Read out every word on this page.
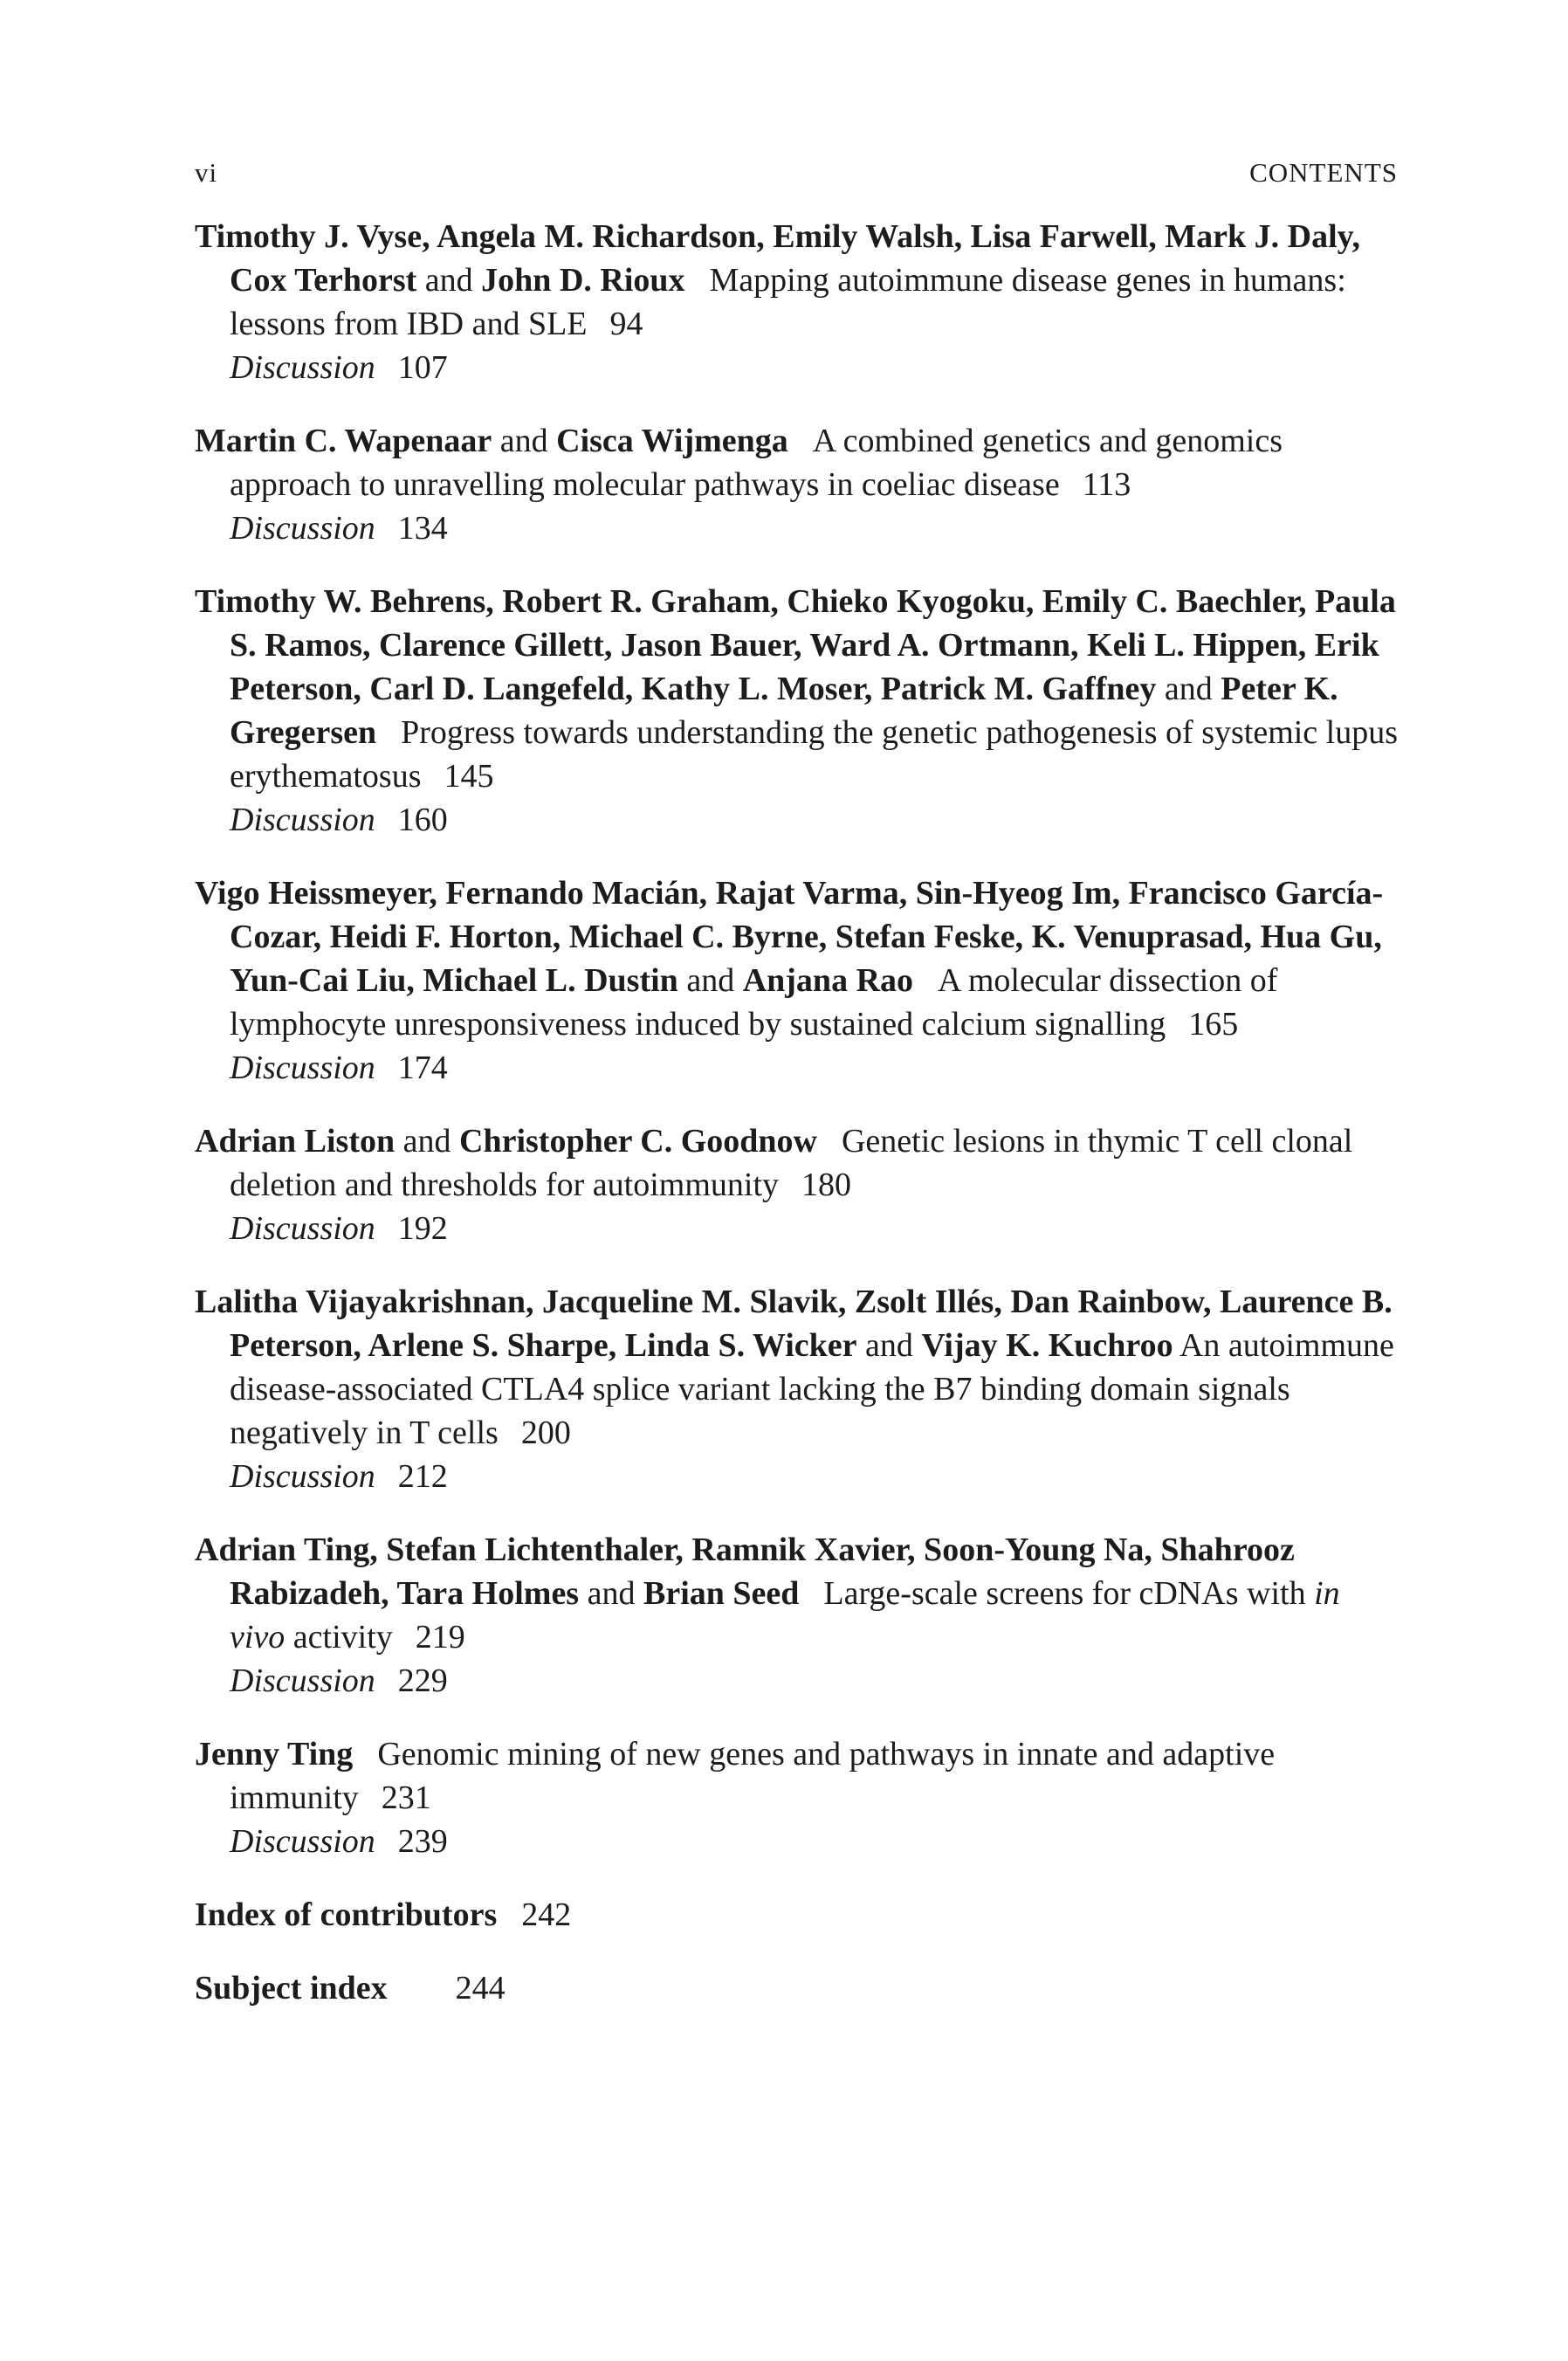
vi	CONTENTS
Timothy J. Vyse, Angela M. Richardson, Emily Walsh, Lisa Farwell, Mark J. Daly, Cox Terhorst and John D. Rioux Mapping autoimmune disease genes in humans: lessons from IBD and SLE 94
Discussion 107
Martin C. Wapenaar and Cisca Wijmenga A combined genetics and genomics approach to unravelling molecular pathways in coeliac disease 113
Discussion 134
Timothy W. Behrens, Robert R. Graham, Chieko Kyogoku, Emily C. Baechler, Paula S. Ramos, Clarence Gillett, Jason Bauer, Ward A. Ortmann, Keli L. Hippen, Erik Peterson, Carl D. Langefeld, Kathy L. Moser, Patrick M. Gaffney and Peter K. Gregersen Progress towards understanding the genetic pathogenesis of systemic lupus erythematosus 145
Discussion 160
Vigo Heissmeyer, Fernando Macián, Rajat Varma, Sin-Hyeog Im, Francisco García-Cozar, Heidi F. Horton, Michael C. Byrne, Stefan Feske, K. Venuprasad, Hua Gu, Yun-Cai Liu, Michael L. Dustin and Anjana Rao A molecular dissection of lymphocyte unresponsiveness induced by sustained calcium signalling 165
Discussion 174
Adrian Liston and Christopher C. Goodnow Genetic lesions in thymic T cell clonal deletion and thresholds for autoimmunity 180
Discussion 192
Lalitha Vijayakrishnan, Jacqueline M. Slavik, Zsolt Illés, Dan Rainbow, Laurence B. Peterson, Arlene S. Sharpe, Linda S. Wicker and Vijay K. Kuchroo An autoimmune disease-associated CTLA4 splice variant lacking the B7 binding domain signals negatively in T cells 200
Discussion 212
Adrian Ting, Stefan Lichtenthaler, Ramnik Xavier, Soon-Young Na, Shahrooz Rabizadeh, Tara Holmes and Brian Seed Large-scale screens for cDNAs with in vivo activity 219
Discussion 229
Jenny Ting Genomic mining of new genes and pathways in innate and adaptive immunity 231
Discussion 239
Index of contributors 242
Subject index 244
